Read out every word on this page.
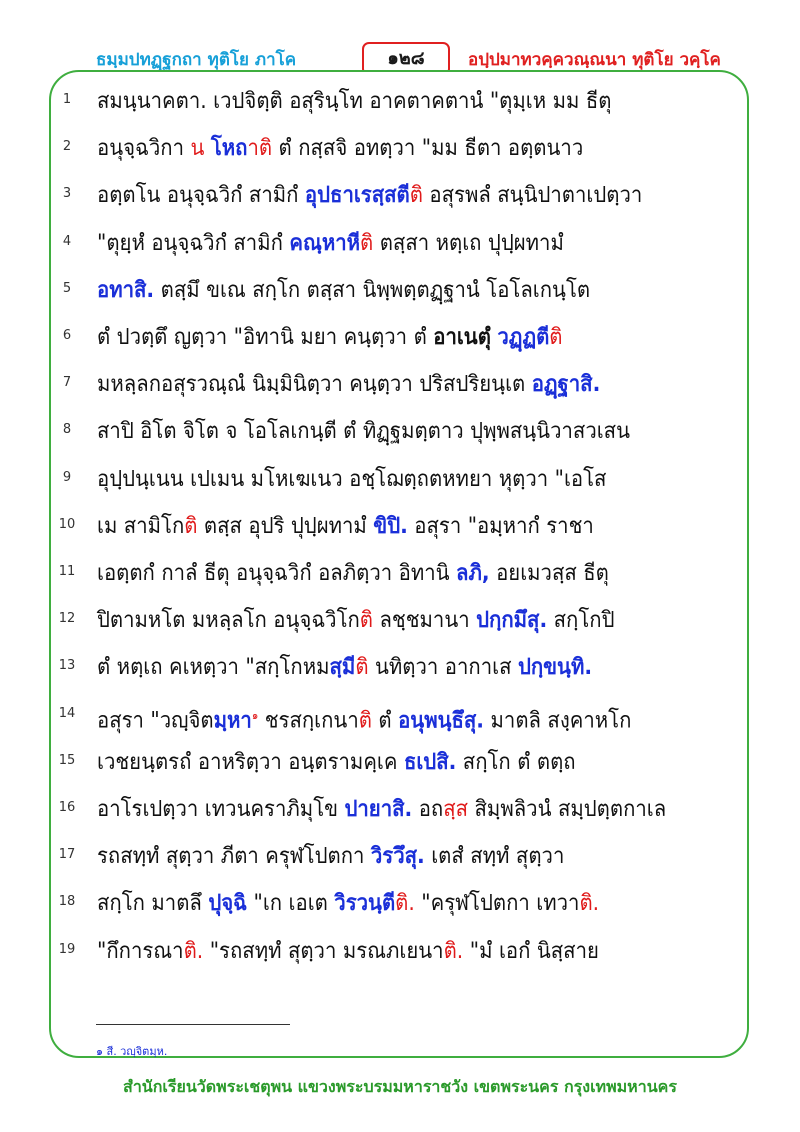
ธมฺมปทฏฺฐกถา ทุติโย ภาโค	๑๒๘	อปฺปมาทวคฺควณฺณนา ทุติโย วคฺโค
1	สมนฺนาคตา. เวปจิตฺติ อสุรินฺโท อาคตาคตานํ "ตุมฺเห มม ธีตุ
2	อนุจฺฉวิกา น โหถาติ ตํ กสฺสจิ อทตฺวา "มม ธีตา อตฺตนาว
3	อตฺตโน อนุจฺฉวิกํ สามิกํ อุปธาเรสฺสตีติ อสุรพลํ สนฺนิปาตาเปตฺวา
4	"ตุยฺหํ อนุจฺฉวิกํ สามิกํ คณฺหาหีติ ตสฺสา หตฺเถ ปุปฺผทามํ
5	อทาสิ. ตสฺมึ ขเณ สกฺโก ตสฺสา นิพฺพตฺตฏฺฐานํ โอโลเกนฺโต
6	ตํ ปวตฺตึ ญตฺวา "อิทานิ มยา คนฺตฺวา ตํ อาเนตุํ วฏฺฏตีติ
7	มหลฺลกอสุรวณฺณํ นิมฺมินิตฺวา คนฺตฺวา ปริสปริยนฺเต อฏฺฐาสิ.
8	สาปิ อิโต จิโต จ โอโลเกนฺตี ตํ ทิฏฺฐมตฺตาว ปุพฺพสนฺนิวาสวเสน
9	อุปฺปนฺเนน เปเมน มโหเฆเนว อชฺโฌตฺถตหทยา หุตฺวา "เอโส
10 เม สามิโกติ ตสฺส อุปริ ปุปฺผทามํ ขิปิ. อสุรา "อมฺหากํ ราชา
11 เอตฺตกํ กาลํ ธีตุ อนุจฺฉวิกํ อลภิตฺวา อิทานิ ลภิ, อยเมวสฺส ธีตุ
12 ปิตามหโต มหลฺลโก อนุจฺฉวิโกติ ลชฺชมานา ปกฺกมึสุ. สกฺโกปิ
13 ตํ หตฺเถ คเหตฺวา "สกฺโกหมสฺมีติ นทิตฺวา อากาเส ปกฺขนฺทิ.
14 อสุรา "วญฺจิตมฺหา$^๑$ ชรสกฺเกนาติ ตํ อนุพนฺธึสุ. มาตลิ สงฺคาหโก
15 เวชยนฺตรถํ อาหริตฺวา อนฺตรามคฺเค ธเปสิ. สกฺโก ตํ ตตฺถ
16 อาโรเปตฺวา เทวนคราภิมุโข ปายาสิ. อถสฺส สิมฺพลิวนํ สมฺปตฺตกาเล
17 รถสทฺทํ สุตฺวา ภีตา ครุฬโปตกา วิรวึสุ. เตสํ สทฺทํ สุตฺวา
18 สกฺโก มาตลึ ปุจฺฉิ "เก เอเต วิรวนฺตีติ. "ครุฬโปตกา เทวาติ.
19 "กึการณาติ. "รถสทฺทํ สุตฺวา มรณภเยนาติ. "มํ เอกํ นิสฺสาย
๑ สี. วญฺจิตมฺห.
สำนักเรียนวัดพระเชตุพน แขวงพระบรมมหาราชวัง เขตพระนคร กรุงเทพมหานคร
